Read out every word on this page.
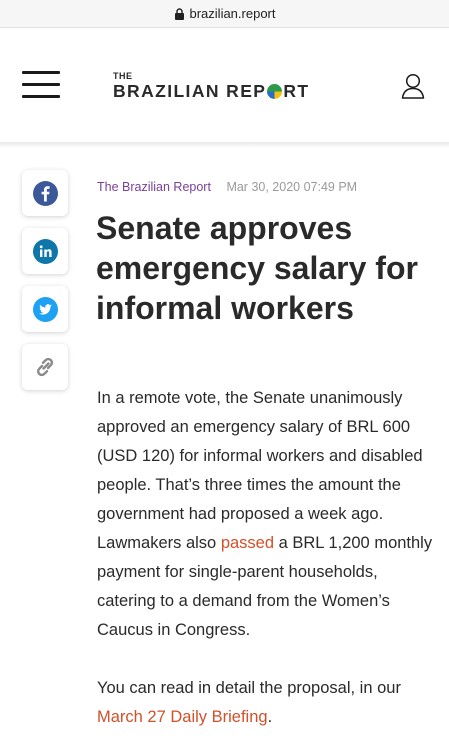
brazilian.report
THE
BRAZILIAN REP RT
The Brazilian Report Mar 30, 2020 07:49 PM
Senate approves emergency salary for informal workers

In a remote vote, the Senate unanimously approved an emergency salary of BRL 600 (USD 120) for informal workers and disabled people. That’s three times the amount the government had proposed a week ago. Lawmakers also passed a BRL 1,200 monthly payment for single-parent households, catering to a demand from the Women’s Caucus in Congress.

You can read in detail the proposal, in our March 27 Daily Briefing.
